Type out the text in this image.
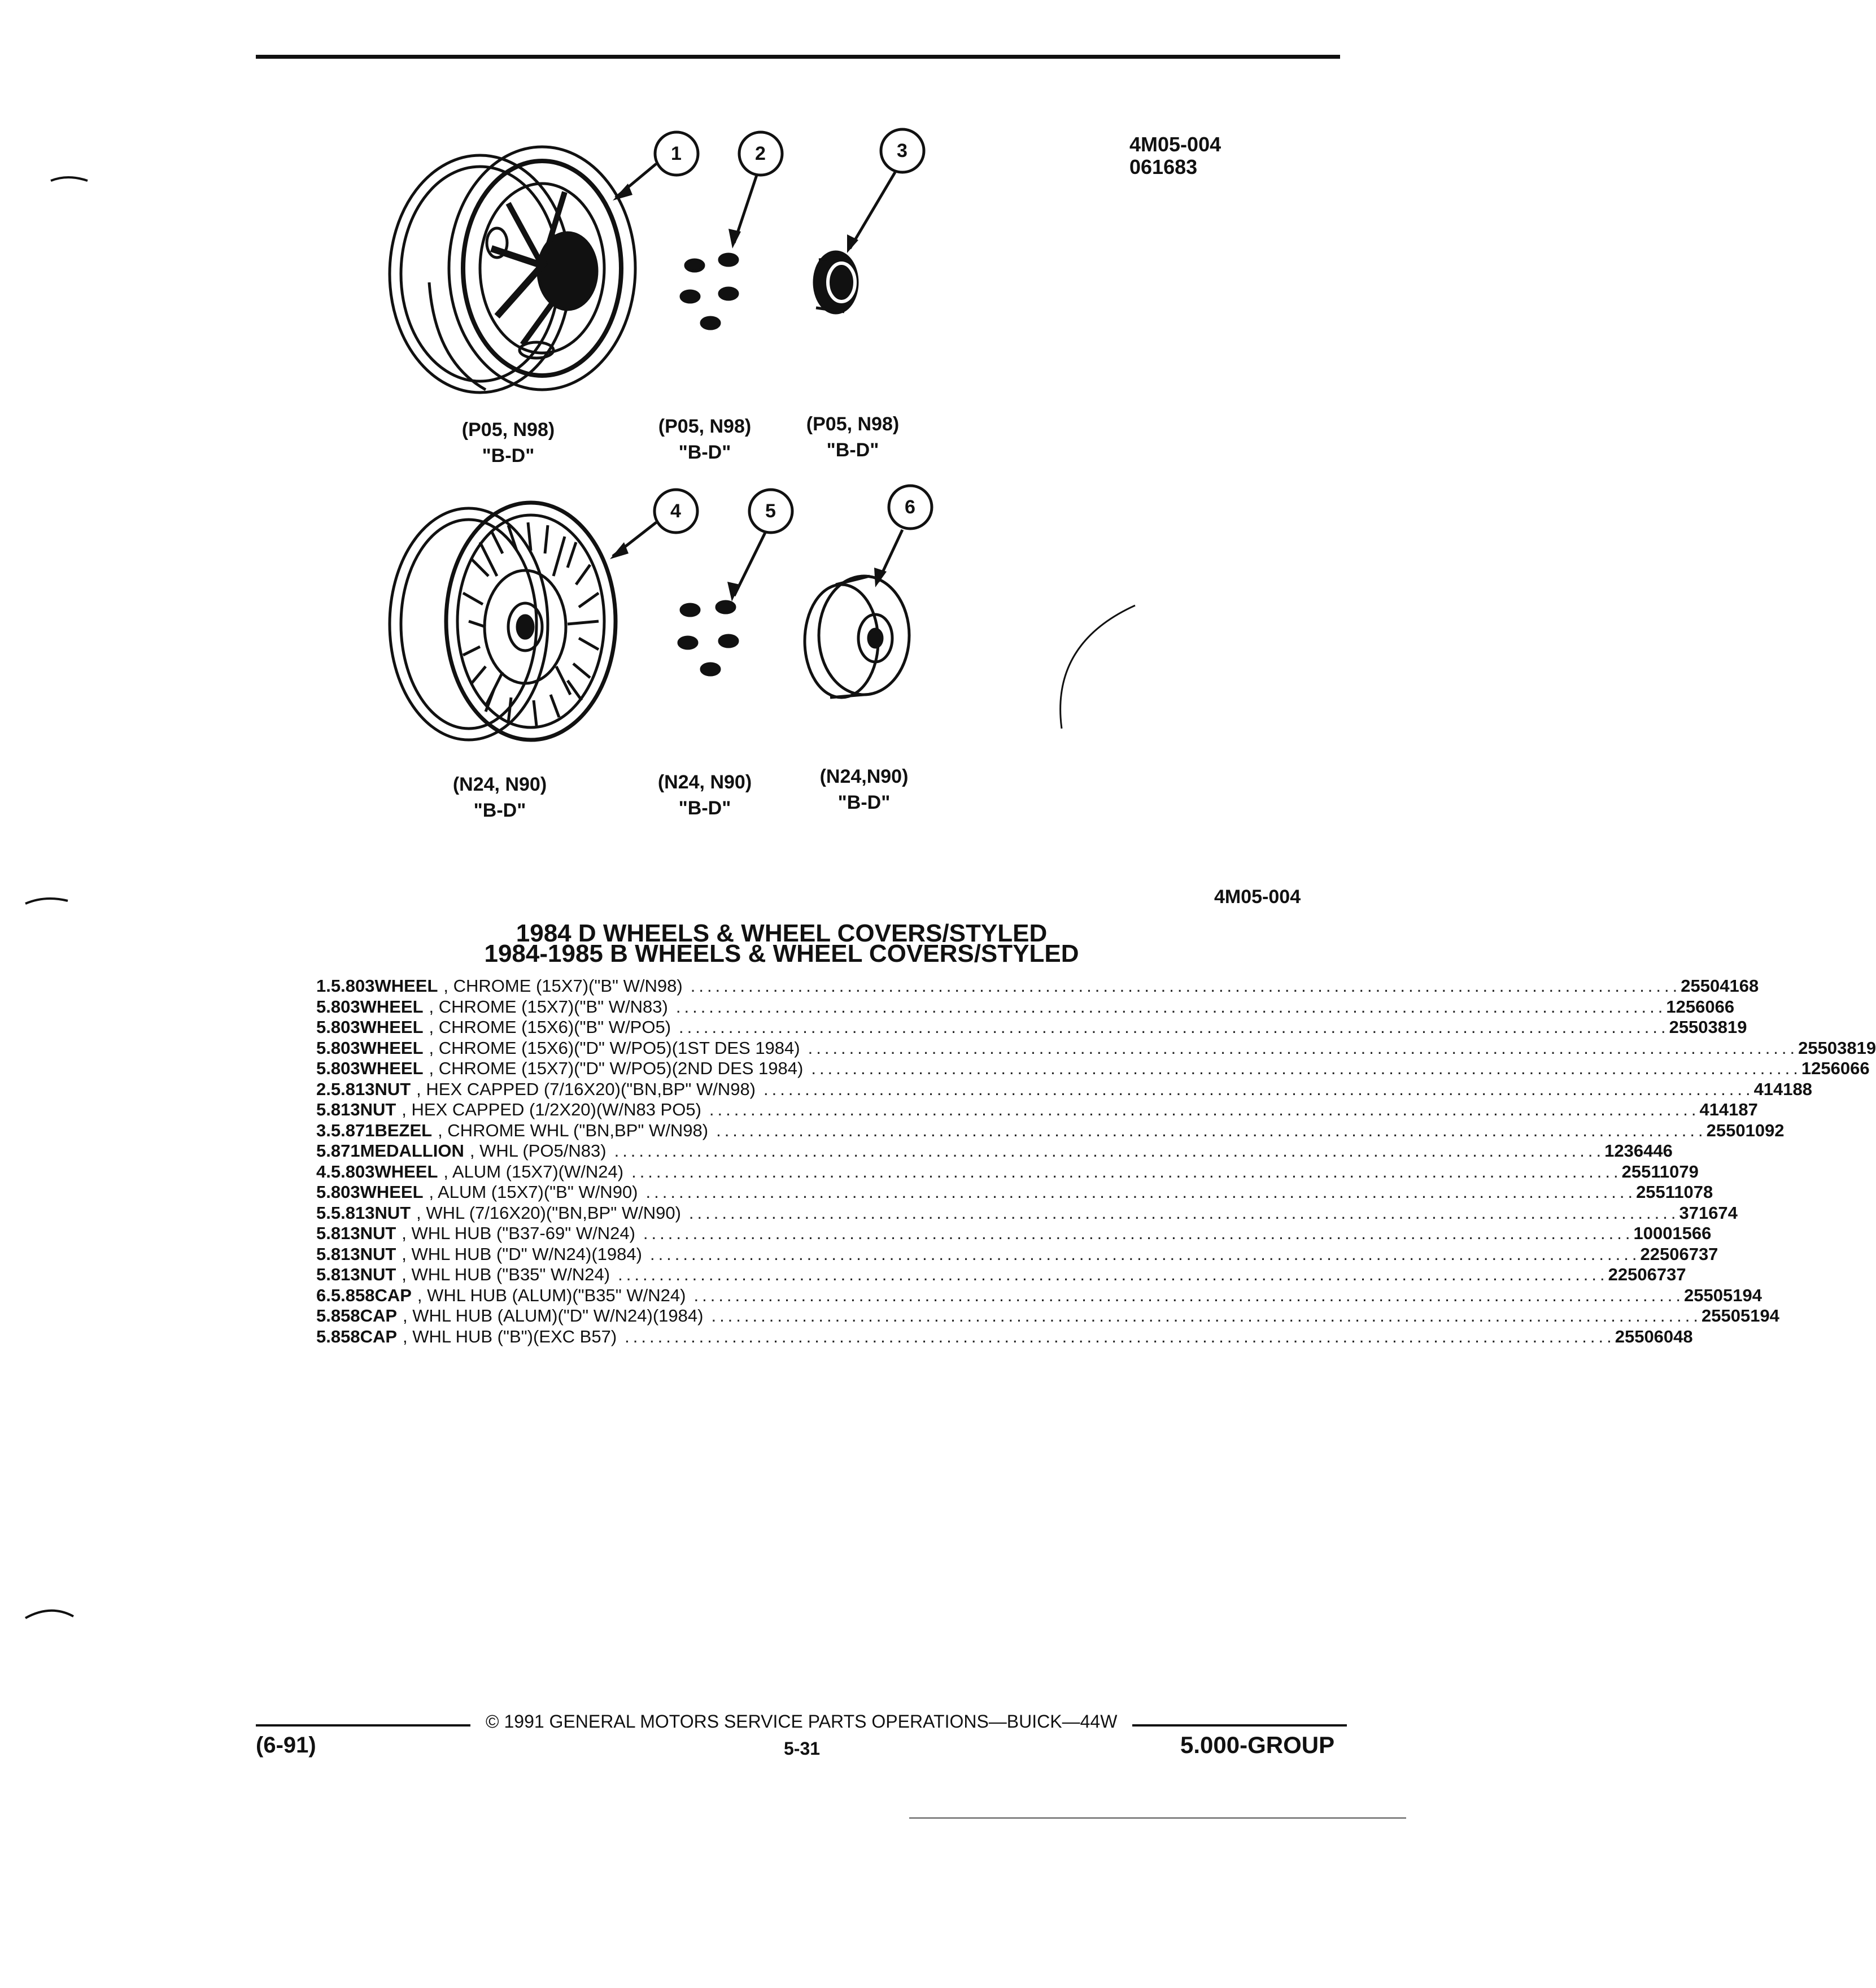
1	2	3
4	5	6
4M05-004
061683
(P05, N98)
"B-D"
(P05, N98)
"B-D"
(P05, N98)
"B-D"
(N24, N90)
"B-D"
(N24, N90)
"B-D"
(N24,N90)
"B-D"
4M05-004
1984 D WHEELS & WHEEL COVERS/STYLED
1984-1985 B WHEELS & WHEEL COVERS/STYLED
1. 5.803 WHEEL , CHROME (15X7)("B" W/N98) ........................................................................................................................ 25504168
5.803 WHEEL , CHROME (15X7)("B" W/N83) ........................................................................................................................ 1256066
5.803 WHEEL , CHROME (15X6)("B" W/PO5) ........................................................................................................................ 25503819
5.803 WHEEL , CHROME (15X6)("D" W/PO5)(1ST DES 1984) ........................................................................................................................ 25503819
5.803 WHEEL , CHROME (15X7)("D" W/PO5)(2ND DES 1984) ........................................................................................................................ 1256066
2. 5.813 NUT , HEX CAPPED (7/16X20)("BN,BP" W/N98) ........................................................................................................................ 414188
5.813 NUT , HEX CAPPED (1/2X20)(W/N83 PO5) ........................................................................................................................ 414187
3. 5.871 BEZEL , CHROME WHL ("BN,BP" W/N98) ........................................................................................................................ 25501092
5.871 MEDALLION , WHL (PO5/N83) ........................................................................................................................ 1236446
4. 5.803 WHEEL , ALUM (15X7)(W/N24) ........................................................................................................................ 25511079
5.803 WHEEL , ALUM (15X7)("B" W/N90) ........................................................................................................................ 25511078
5. 5.813 NUT , WHL (7/16X20)("BN,BP" W/N90) ........................................................................................................................ 371674
5.813 NUT , WHL HUB ("B37-69" W/N24) ........................................................................................................................ 10001566
5.813 NUT , WHL HUB ("D" W/N24)(1984) ........................................................................................................................ 22506737
5.813 NUT , WHL HUB ("B35" W/N24) ........................................................................................................................ 22506737
6. 5.858 CAP , WHL HUB (ALUM)("B35" W/N24) ........................................................................................................................ 25505194
5.858 CAP , WHL HUB (ALUM)("D" W/N24)(1984) ........................................................................................................................ 25505194
5.858 CAP , WHL HUB ("B")(EXC B57) ........................................................................................................................ 25506048
© 1991 GENERAL MOTORS SERVICE PARTS OPERATIONS—BUICK—44W
(6-91)	5-31	5.000-GROUP
